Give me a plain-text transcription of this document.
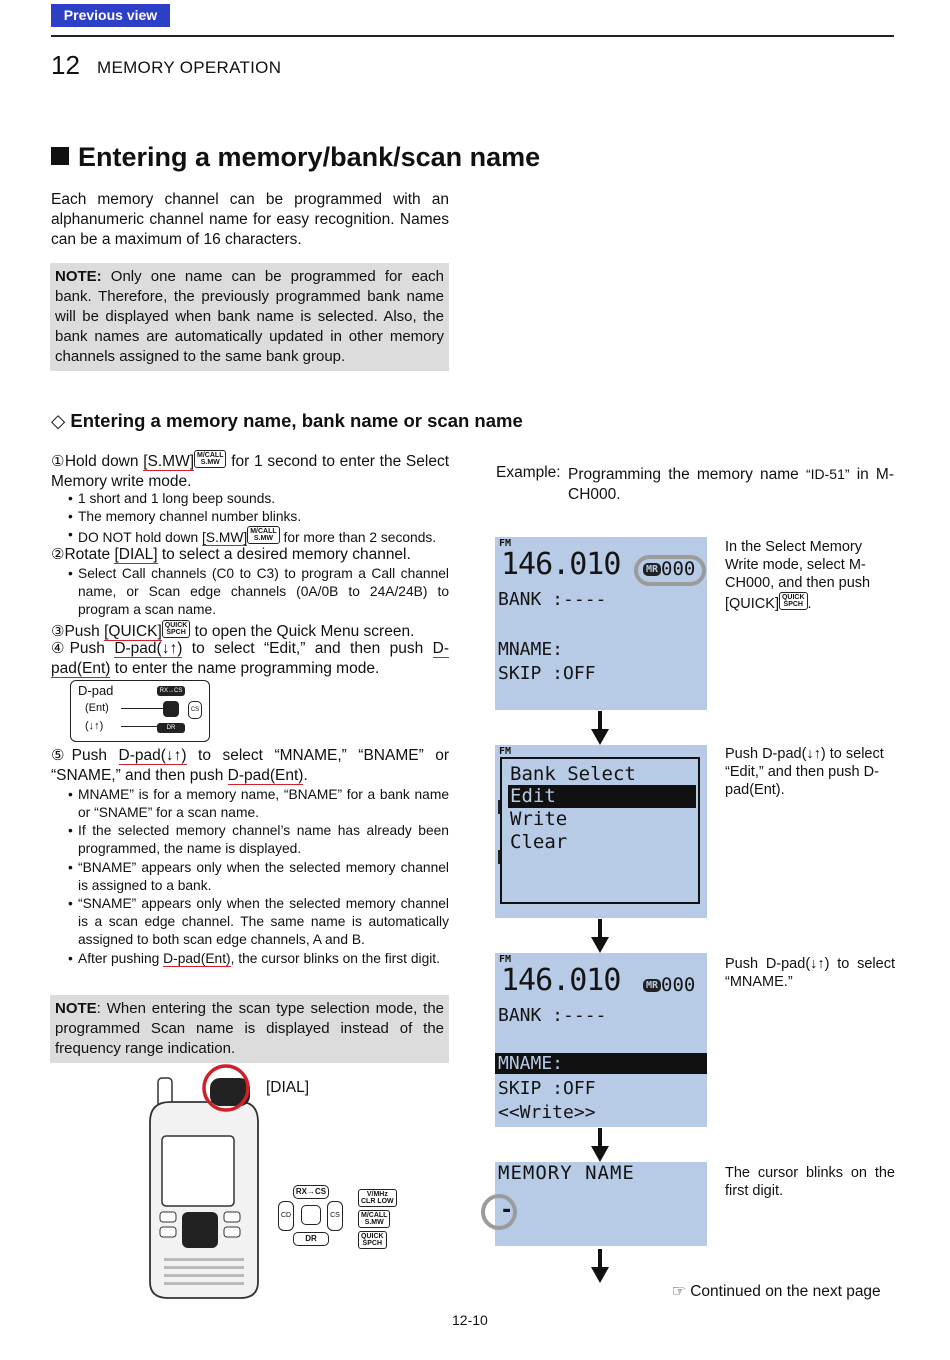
Previous view
12 MEMORY OPERATION
Entering a memory/bank/scan name
Each memory channel can be programmed with an alphanumeric channel name for easy recognition. Names can be a maximum of 16 characters.
NOTE: Only one name can be programmed for each bank. Therefore, the previously programmed bank name will be displayed when bank name is selected. Also, the bank names are automatically updated in other memory channels assigned to the same bank group.
◇ Entering a memory name, bank name or scan name
①Hold down [S.MW] M/CALL
S.MW for 1 second to enter the Select Memory write mode.
• 1 short and 1 long beep sounds.
• The memory channel number blinks.
• DO NOT hold down [S.MW] M/CALL
S.MW for more than 2 seconds.
②Rotate [DIAL] to select a desired memory channel.
• Select Call channels (C0 to C3) to program a Call channel name, or Scan edge channels (0A/0B to 24A/24B) to program a scan name.
③Push [QUICK] QUICK
SPCH to open the Quick Menu screen.
④Push D-pad(↓↑) to select “Edit,” and then push D-pad(Ent) to enter the name programming mode.
D-pad
(Ent)
(↓↑)
RX→CS
DR
CS
⑤Push D-pad(↓↑) to select “MNAME,” “BNAME” or “SNAME,” and then push D-pad(Ent).
• MNAME” is for a memory name, “BNAME” for a bank name or “SNAME” for a scan name.
• If the selected memory channel’s name has already been programmed, the name is displayed.
• “BNAME” appears only when the selected memory channel is assigned to a bank.
• “SNAME” appears only when the selected memory channel is a scan edge channel. The same name is automatically assigned to both scan edge channels, A and B.
• After pushing D-pad(Ent), the cursor blinks on the first digit.
NOTE: When entering the scan type selection mode, the programmed Scan name is displayed instead of the frequency range indication.
[DIAL]
RX→CS
CD	CS
DR
V/MHz
CLR LOW
M/CALL
S.MW
QUICK
SPCH
Example: Programming the memory name “ID-51” in M-CH000.
FM
146.010	MR 000
BANK :----
MNAME:
SKIP :OFF
In the Select Memory Write mode, select M-CH000, and then push [QUICK] QUICK
SPCH .
FM
Bank Select
Edit
Write
Clear
Push D-pad(↓↑) to select “Edit,” and then push D-pad(Ent).
FM
146.010	MR 000
BANK :----
MNAME:
SKIP :OFF
<<Write>>
Push D-pad(↓↑) to select “MNAME.”
MEMORY NAME
-
The cursor blinks on the first digit.
☞ Continued on the next page
12-10
